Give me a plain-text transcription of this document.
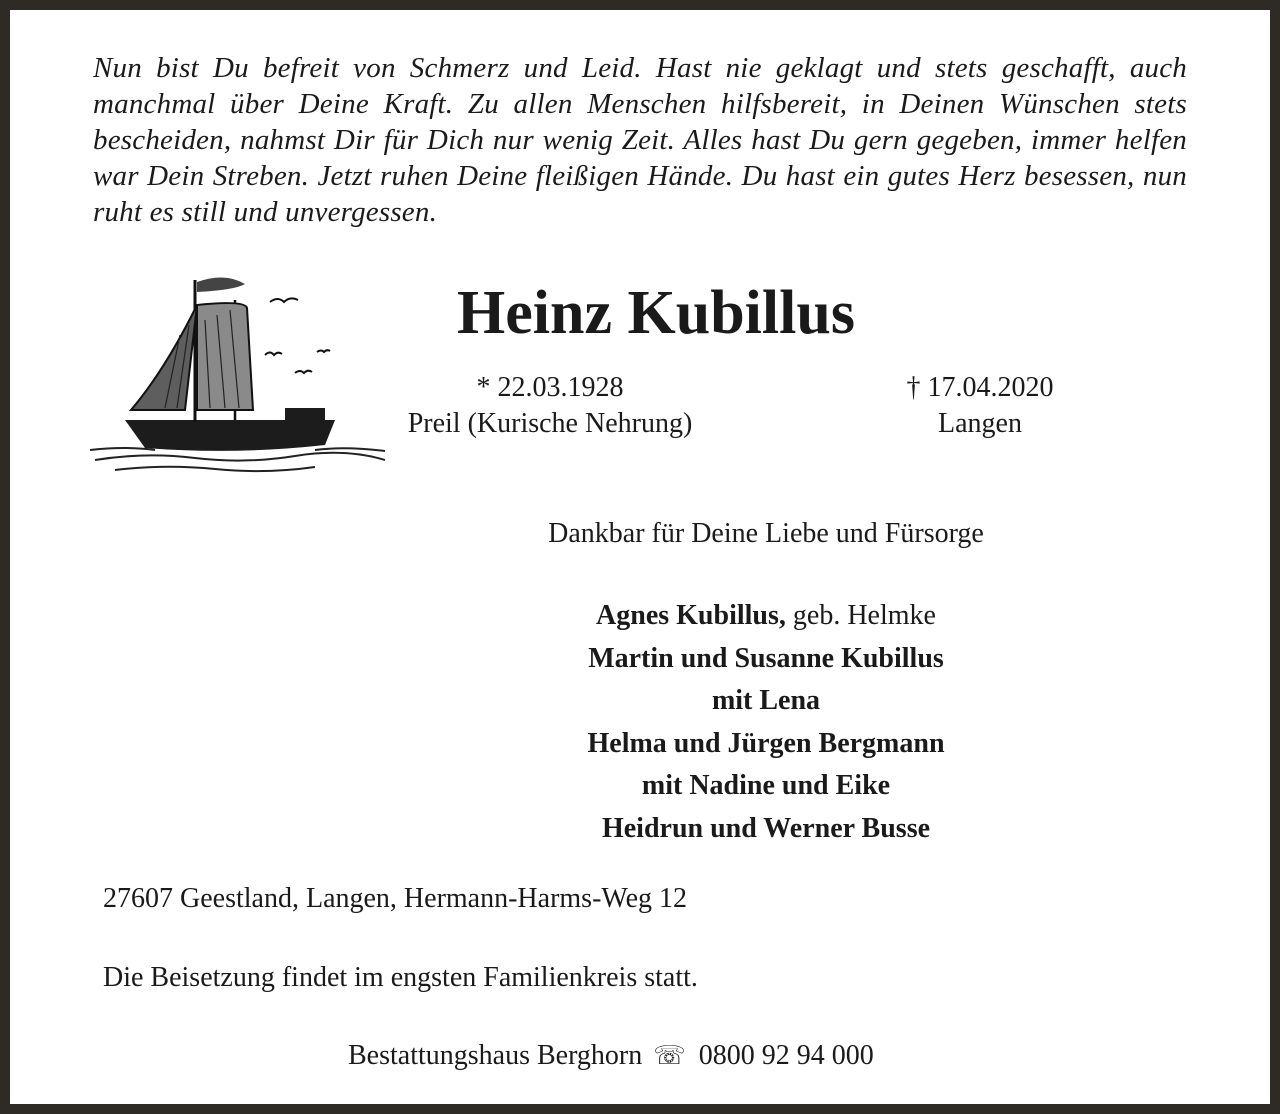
Nun bist Du befreit von Schmerz und Leid. Hast nie geklagt und stets geschafft, auch manchmal über Deine Kraft. Zu allen Menschen hilfsbereit, in Deinen Wünschen stets bescheiden, nahmst Dir für Dich nur wenig Zeit. Alles hast Du gern gegeben, immer helfen war Dein Streben. Jetzt ruhen Deine fleißigen Hände. Du hast ein gutes Herz besessen, nun ruht es still und unvergessen.
Heinz Kubillus
* 22.03.1928
Preil (Kurische Nehrung)
† 17.04.2020
Langen
Dankbar für Deine Liebe und Fürsorge
Agnes Kubillus, geb. Helmke
Martin und Susanne Kubillus
mit Lena
Helma und Jürgen Bergmann
mit Nadine und Eike
Heidrun und Werner Busse
27607 Geestland, Langen, Hermann-Harms-Weg 12
Die Beisetzung findet im engsten Familienkreis statt.
Bestattungshaus Berghorn ☏ 0800 92 94 000
